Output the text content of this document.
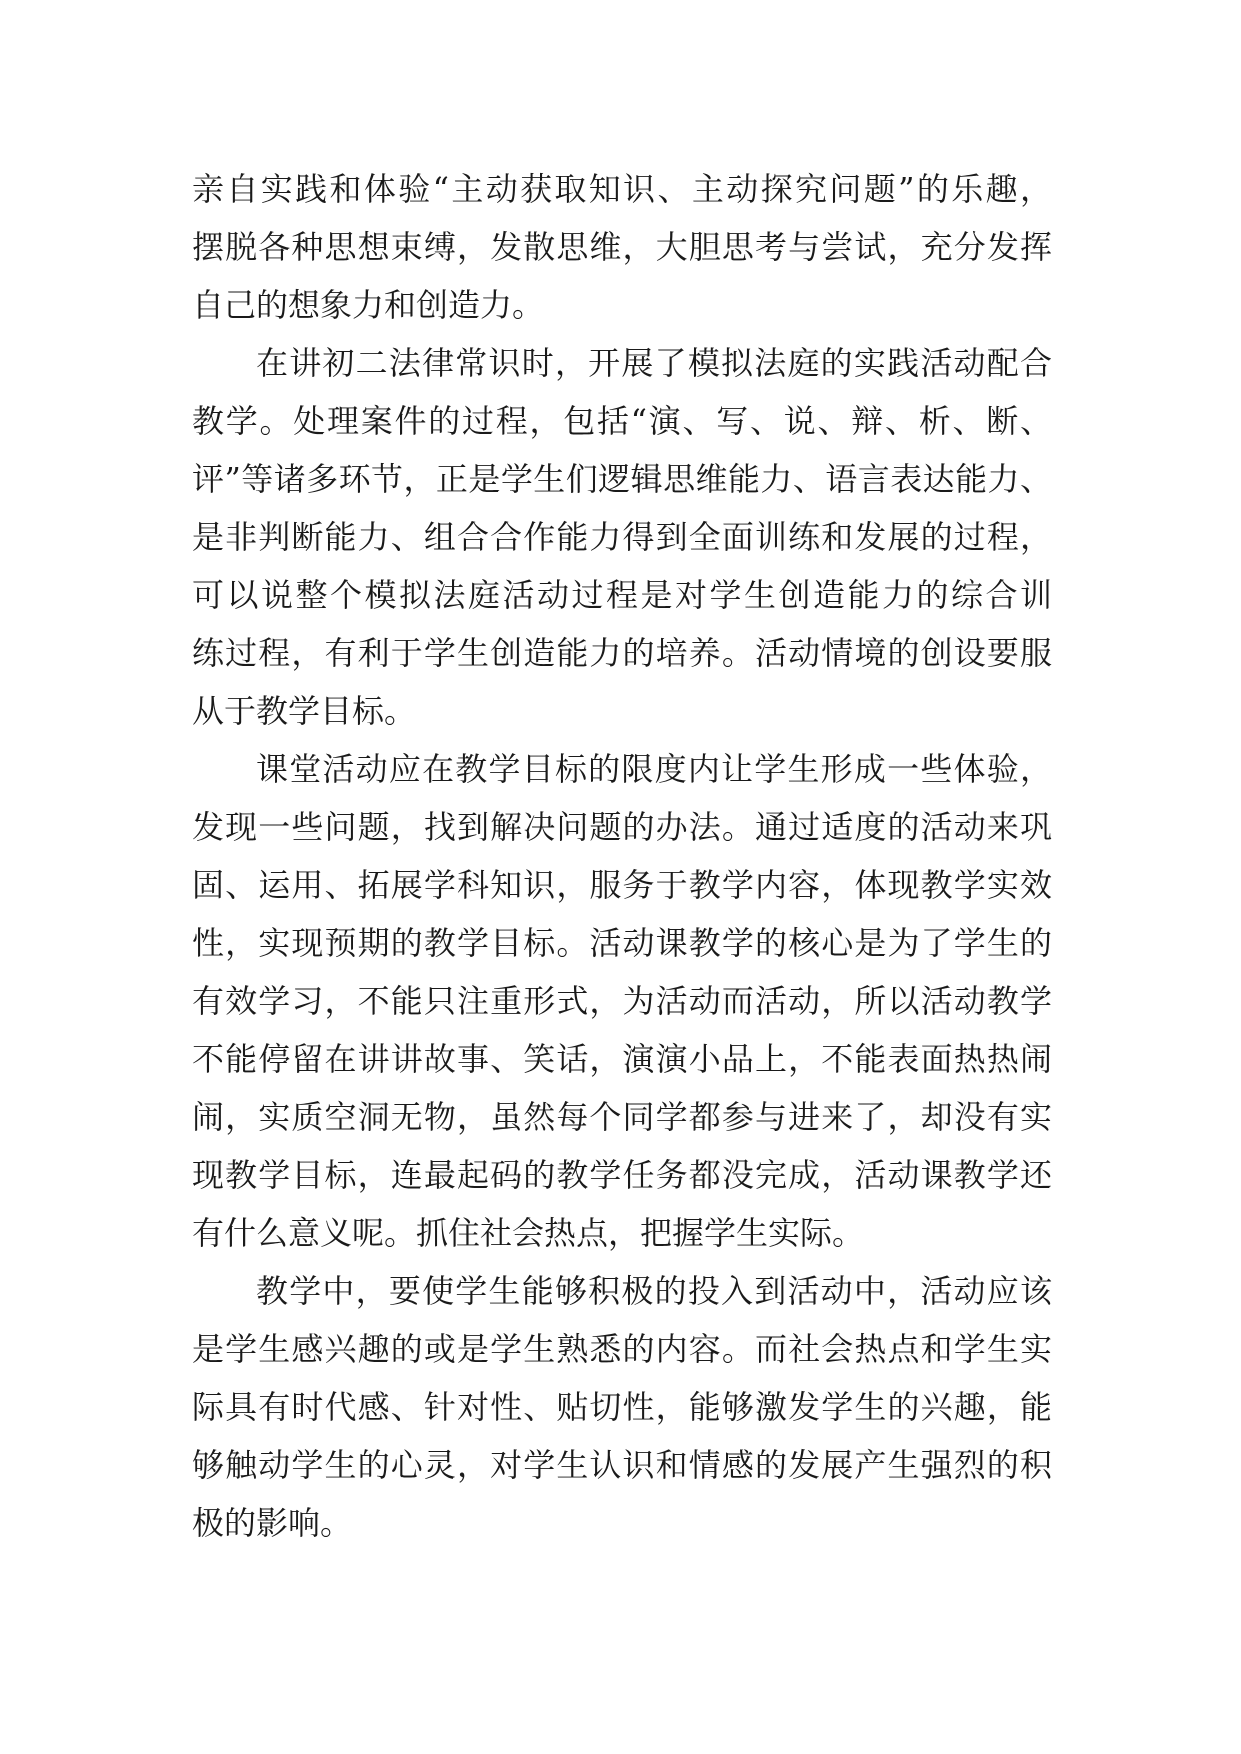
亲自实践和体验“主动获取知识、主动探究问题”的乐趣，
摆脱各种思想束缚，发散思维，大胆思考与尝试，充分发挥
自己的想象力和创造力。
在讲初二法律常识时，开展了模拟法庭的实践活动配合
教学。处理案件的过程，包括“演、写、说、辩、析、断、
评”等诸多环节，正是学生们逻辑思维能力、语言表达能力、
是非判断能力、组合合作能力得到全面训练和发展的过程，
可以说整个模拟法庭活动过程是对学生创造能力的综合训
练过程，有利于学生创造能力的培养。活动情境的创设要服
从于教学目标。
课堂活动应在教学目标的限度内让学生形成一些体验，
发现一些问题，找到解决问题的办法。通过适度的活动来巩
固、运用、拓展学科知识，服务于教学内容，体现教学实效
性，实现预期的教学目标。活动课教学的核心是为了学生的
有效学习，不能只注重形式，为活动而活动，所以活动教学
不能停留在讲讲故事、笑话，演演小品上，不能表面热热闹
闹，实质空洞无物，虽然每个同学都参与进来了，却没有实
现教学目标，连最起码的教学任务都没完成，活动课教学还
有什么意义呢。抓住社会热点，把握学生实际。
教学中，要使学生能够积极的投入到活动中，活动应该
是学生感兴趣的或是学生熟悉的内容。而社会热点和学生实
际具有时代感、针对性、贴切性，能够激发学生的兴趣，能
够触动学生的心灵，对学生认识和情感的发展产生强烈的积
极的影响。
